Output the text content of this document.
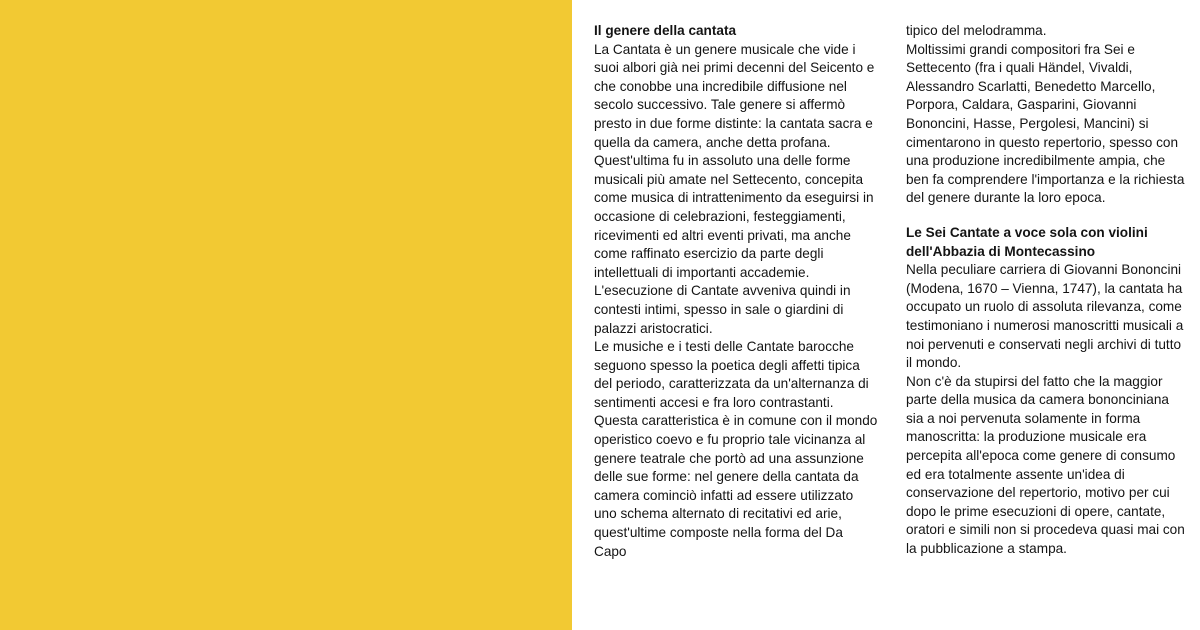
Il genere della cantata

La Cantata è un genere musicale che vide i suoi albori già nei primi decenni del Seicento e che conobbe una incredibile diffusione nel secolo successivo. Tale genere si affermò presto in due forme distinte: la cantata sacra e quella da camera, anche detta profana. Quest'ultima fu in assoluto una delle forme musicali più amate nel Settecento, concepita come musica di intrattenimento da eseguirsi in occasione di celebrazioni, festeggiamenti, ricevimenti ed altri eventi privati, ma anche come raffinato esercizio da parte degli intellettuali di importanti accademie. L'esecuzione di Cantate avveniva quindi in contesti intimi, spesso in sale o giardini di palazzi aristocratici.

Le musiche e i testi delle Cantate barocche seguono spesso la poetica degli affetti tipica del periodo, caratterizzata da un'alternanza di sentimenti accesi e fra loro contrastanti. Questa caratteristica è in comune con il mondo operistico coevo e fu proprio tale vicinanza al genere teatrale che portò ad una assunzione delle sue forme: nel genere della cantata da camera cominciò infatti ad essere utilizzato uno schema alternato di recitativi ed arie, quest'ultime composte nella forma del Da Capo

tipico del melodramma.

Moltissimi grandi compositori fra Sei e Settecento (fra i quali Händel, Vivaldi, Alessandro Scarlatti, Benedetto Marcello, Porpora, Caldara, Gasparini, Giovanni Bononcini, Hasse, Pergolesi, Mancini) si cimentarono in questo repertorio, spesso con una produzione incredibilmente ampia, che ben fa comprendere l'importanza e la richiesta del genere durante la loro epoca.

Le Sei Cantate a voce sola con violini dell'Abbazia di Montecassino

Nella peculiare carriera di Giovanni Bononcini (Modena, 1670 – Vienna, 1747), la cantata ha occupato un ruolo di assoluta rilevanza, come testimoniano i numerosi manoscritti musicali a noi pervenuti e conservati negli archivi di tutto il mondo.

Non c'è da stupirsi del fatto che la maggior parte della musica da camera bononciniana sia a noi pervenuta solamente in forma manoscritta: la produzione musicale era percepita all'epoca come genere di consumo ed era totalmente assente un'idea di conservazione del repertorio, motivo per cui dopo le prime esecuzioni di opere, cantate, oratori e simili non si procedeva quasi mai con la pubblicazione a stampa.
